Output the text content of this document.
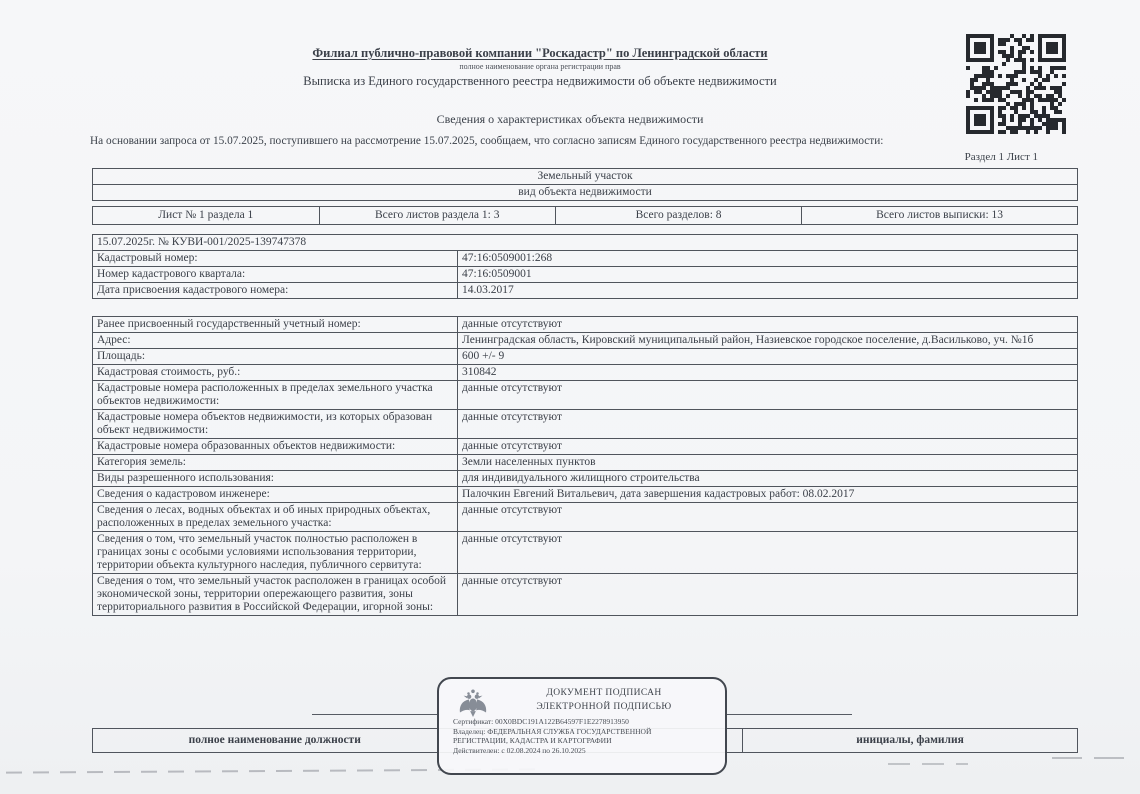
Филиал публично-правовой компании "Роскадастр" по Ленинградской области
полное наименование органа регистрации прав
Выписка из Единого государственного реестра недвижимости об объекте недвижимости
Сведения о характеристиках объекта недвижимости
На основании запроса от 15.07.2025, поступившего на рассмотрение 15.07.2025, сообщаем, что согласно записям Единого государственного реестра недвижимости:
Раздел 1 Лист 1
Земельный участок
вид объекта недвижимости
Лист № 1 раздела 1	Всего листов раздела 1: 3	Всего разделов: 8	Всего листов выписки: 13
15.07.2025г. № КУВИ-001/2025-139747378	
Кадастровый номер:	47:16:0509001:268
Номер кадастрового квартала:	47:16:0509001
Дата присвоения кадастрового номера:	14.03.2017
Ранее присвоенный государственный учетный номер:	данные отсутствуют
Адрес:	Ленинградская область, Кировский муниципальный район, Назиевское городское поселение, д.Васильково, уч. №1б
Площадь:	600 +/- 9
Кадастровая стоимость, руб.:	310842
Кадастровые номера расположенных в пределах земельного участка объектов недвижимости:	данные отсутствуют
Кадастровые номера объектов недвижимости, из которых образован объект недвижимости:	данные отсутствуют
Кадастровые номера образованных объектов недвижимости:	данные отсутствуют
Категория земель:	Земли населенных пунктов
Виды разрешенного использования:	для индивидуального жилищного строительства
Сведения о кадастровом инженере:	Палочкин Евгений Витальевич, дата завершения кадастровых работ: 08.02.2017
Сведения о лесах, водных объектах и об иных природных объектах, расположенных в пределах земельного участка:	данные отсутствуют
Сведения о том, что земельный участок полностью расположен в границах зоны с особыми условиями использования территории, территории объекта культурного наследия, публичного сервитута:	данные отсутствуют
Сведения о том, что земельный участок расположен в границах особой экономической зоны, территории опережающего развития, зоны территориального развития в Российской Федерации, игорной зоны:	данные отсутствуют
полное наименование должности		инициалы, фамилия
ДОКУМЕНТ ПОДПИСАН
ЭЛЕКТРОННОЙ ПОДПИСЬЮ
Сертификат: 00X0BDC191A122B64597F1E2278913950
Владелец: ФЕДЕРАЛЬНАЯ СЛУЖБА ГОСУДАРСТВЕННОЙ РЕГИСТРАЦИИ, КАДАСТРА И КАРТОГРАФИИ
Действителен: с 02.08.2024 по 26.10.2025
